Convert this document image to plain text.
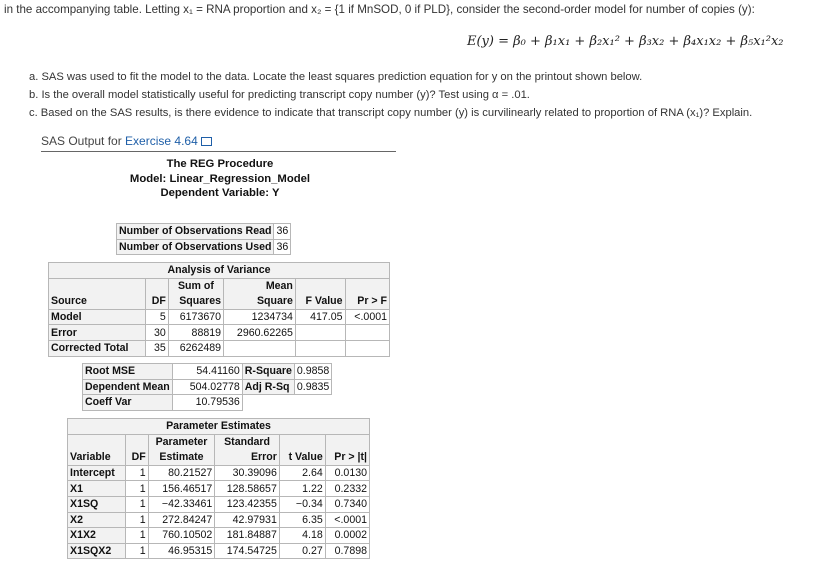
in the accompanying table. Letting x₁ = RNA proportion and x₂ = {1 if MnSOD, 0 if PLD}, consider the second-order model for number of copies (y):
E(y) = β₀ + β₁x₁ + β₂x₁² + β₃x₂ + β₄x₁x₂ + β₅x₁²x₂
a. SAS was used to fit the model to the data. Locate the least squares prediction equation for y on the printout shown below.
b. Is the overall model statistically useful for predicting transcript copy number (y)? Test using α = .01.
c. Based on the SAS results, is there evidence to indicate that transcript copy number (y) is curvilinearly related to proportion of RNA (x₁)? Explain.
SAS Output for Exercise 4.64
The REG Procedure
Model: Linear_Regression_Model
Dependent Variable: Y
Number of Observations Read	36
Number of Observations Used	36
Analysis of Variance					
		Sum of	Mean		
Source	DF	Squares	Square	F Value	Pr > F
Model	5	6173670	1234734	417.05	<.0001
Error	30	88819	2960.62265		
Corrected Total	35	6262489			
Root MSE	54.41160	R-Square	0.9858
Dependent Mean	504.02778	Adj R-Sq	0.9835
Coeff Var	10.79536		
Parameter Estimates					
		Parameter	Standard		
Variable	DF	Estimate	Error	t Value	Pr > |t|
Intercept	1	80.21527	30.39096	2.64	0.0130
X1	1	156.46517	128.58657	1.22	0.2332
X1SQ	1	−42.33461	123.42355	−0.34	0.7340
X2	1	272.84247	42.97931	6.35	<.0001
X1X2	1	760.10502	181.84887	4.18	0.0002
X1SQX2	1	46.95315	174.54725	0.27	0.7898
